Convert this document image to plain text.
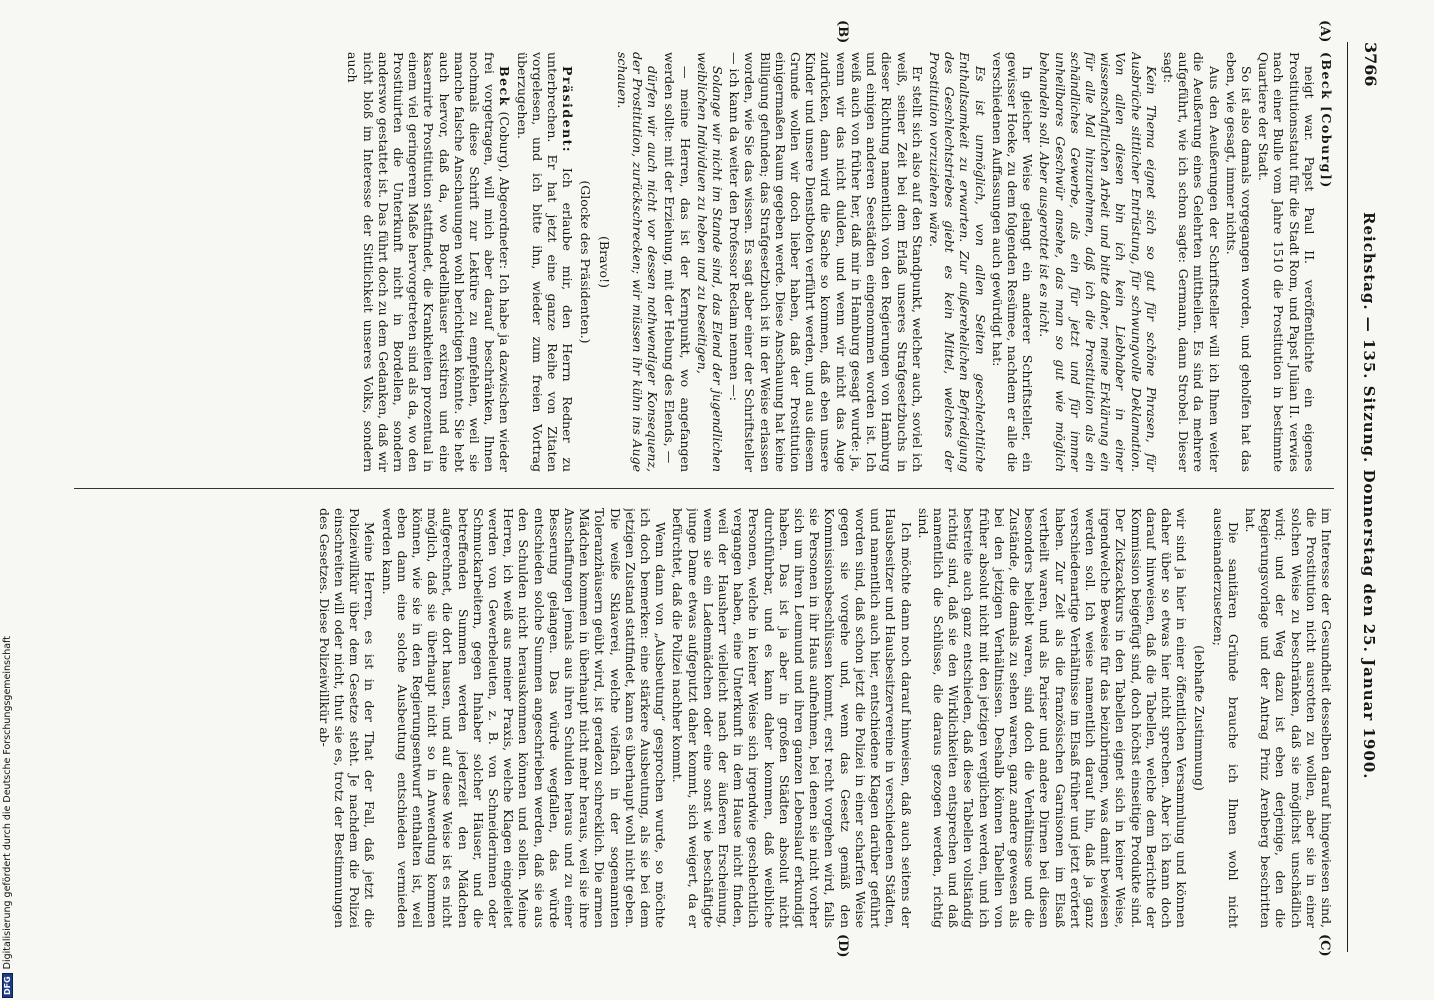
3766
Reichstag. — 135. Sitzung. Donnerstag den 25. Januar 1900.
(A)
(B)
(C)
(D)

(Beck [Coburg])

neigt war. Papst Paul II. veröffentlichte ein eigenes Prostitutionsstatut für die Stadt Rom, und Papst Julian II. verwies nach einer Bulle vom Jahre 1510 die Prostitution in bestimmte Quartiere der Stadt.

So ist also damals vorgegangen worden, und geholfen hat das eben, wie gesagt, immer nichts.

Aus den Aeußerungen der Schriftsteller will ich Ihnen weiter die Aeußerung eines Gelehrten mittheilen. Es sind da mehrere aufgeführt, wie ich schon sagte: Germann, dann Strobel. Dieser sagt:

Kein Thema eignet sich so gut für schöne Phrasen, für Ausbrüche sittlicher Entrüstung, für schwungvolle Deklamation. Von allen diesen bin ich kein Liebhaber in einer wissenschaftlichen Arbeit und bitte daher, meine Erklärung ein für alle Mal hinzunehmen, daß ich die Prostitution als ein schändliches Gewerbe, als ein für jetzt und für immer unheilbares Geschwür ansehe, das man so gut wie möglich behandeln soll. Aber ausgerottet ist es nicht.

In gleicher Weise gelangt ein anderer Schriftsteller, ein gewisser Hoeke, zu dem folgenden Resümee, nachdem er alle die verschiedenen Auffassungen auch gewürdigt hat:

Es ist unmöglich, von allen Seiten geschlechtliche Enthaltsamkeit zu erwarten. Zur außerehelichen Befriedigung des Geschlechtstriebes giebt es kein Mittel, welches der Prostitution vorzuziehen wäre.

Er stellt sich also auf den Standpunkt, welcher auch, soviel ich weiß, seiner Zeit bei dem Erlaß unseres Strafgesetzbuchs in dieser Richtung namentlich von den Regierungen von Hamburg und einigen anderen Seestädten eingenommen worden ist. Ich weiß auch von früher her, daß mir in Hamburg gesagt wurde: ja, wenn wir das nicht dulden, und wenn wir nicht das Auge zudrücken, dann wird die Sache so kommen, daß eben unsere Kinder und unsere Dienstboten verführt werden, und aus diesem Grunde wollen wir doch lieber haben, daß der Prostitution einigermaßen Raum gegeben werde. Diese Anschauung hat keine Billigung gefunden; das Strafgesetzbuch ist in der Weise erlassen worden, wie Sie das wissen. Es sagt aber einer der Schriftsteller — ich kann da weiter den Professor Reclam nennen —:

Solange wir nicht im Stande sind, das Elend der jugendlichen weiblichen Individuen zu heben und zu beseitigen,

— meine Herren, das ist der Kernpunkt, wo angefangen werden sollte: mit der Erziehung, mit der Hebung des Elends, —

dürfen wir auch nicht vor dessen nothwendiger Konsequenz, der Prostitution, zurückschrecken; wir müssen ihr kühn ins Auge schauen.

(Bravo!)

(Glocke des Präsidenten.)

Präsident: Ich erlaube mir, den Herrn Redner zu unterbrechen. Er hat jetzt eine ganze Reihe von Zitaten vorgelesen, und ich bitte ihn, wieder zum freien Vortrag überzugehen.

Beck (Coburg), Abgeordneter: Ich habe ja dazwischen wieder frei vorgetragen, will mich aber darauf beschränken, Ihnen nochmals diese Schrift zur Lektüre zu empfehlen, weil sie manche falsche Anschauungen wohl berichtigen könnte. Sie hebt auch hervor, daß da, wo Bordellhäuser existiren und eine kasernirte Prostitution stattfindet, die Krankheiten prozentual in einem viel geringerem Maße hervorgetreten sind als da, wo den Prostituirten die Unterkunft nicht in Bordellen, sondern anderswo gestattet ist. Das führt doch zu dem Gedanken, daß wir nicht bloß im Interesse der Sittlichkeit unseres Volks, sondern auch

im Interesse der Gesundheit desselben darauf hingewiesen sind, die Prostitution nicht ausrotten zu wollen, aber sie in einer solchen Weise zu beschränken, daß sie möglichst unschädlich wird; und der Weg dazu ist eben derjenige, den die Regierungsvorlage und der Antrag Prinz Arenberg beschritten hat.

Die sanitären Gründe brauche ich Ihnen wohl nicht auseinanderzusetzen;

(lebhafte Zustimmung)

wir sind ja hier in einer öffentlichen Versammlung und können daher über so etwas hier nicht sprechen. Aber ich kann doch darauf hinweisen, daß die Tabellen, welche dem Berichte der Kommission beigefügt sind, doch höchst einseitige Produkte sind. Der Zickzackkurs in den Tabellen eignet sich in keiner Weise, irgendwelche Beweise für das beizubringen, was damit bewiesen werden soll. Ich weise namentlich darauf hin, daß ja ganz verschiedenartige Verhältnisse im Elsaß früher und jetzt erörtert haben. Zur Zeit als die französischen Garnisonen im Elsaß vertheilt waren, und als Pariser und andere Dirnen bei diesen besonders beliebt waren, sind doch die Verhältnisse und die Zustände, die damals zu sehen waren, ganz andere gewesen als bei den jetzigen Verhältnissen. Deshalb können Tabellen von früher absolut nicht mit den jetzigen verglichen werden, und ich bestreite auch ganz entschieden, daß diese Tabellen vollständig richtig sind, daß sie den Wirklichkeiten entsprechen und daß namentlich die Schlüsse, die daraus gezogen werden, richtig sind.

Ich möchte dann noch darauf hinweisen, daß auch seitens der Hausbesitzer und Hausbesitzervereine in verschiedenen Städten, und namentlich auch hier, entschiedene Klagen darüber geführt worden sind, daß schon jetzt die Polizei in einer scharfen Weise gegen sie vorgehe und, wenn das Gesetz gemäß den Kommissionsbeschlüssen kommt, erst recht vorgehen wird, falls sie Personen in ihr Haus aufnehmen, bei denen sie nicht vorher sich um ihren Leumund und ihren ganzen Lebenslauf erkundigt haben. Das ist ja aber in großen Städten absolut nicht durchführbar, und es kann daher kommen, daß weibliche Personen, welche in keiner Weise sich irgendwie geschlechtlich vergangen haben, eine Unterkunft in dem Hause nicht finden, weil der Hausherr vielleicht nach der äußeren Erscheinung, wenn sie ein Ladenmädchen oder eine sonst wie beschäftigte junge Dame etwas aufgeputzt daher kommt, sich weigert, da er befürchtet, daß die Polizei nachher kommt.

Wenn dann von „Ausbeutung“ gesprochen wurde, so möchte ich doch bemerken: eine stärkere Ausbeutung, als sie bei dem jetzigen Zustand stattfindet, kann es überhaupt wohl nicht geben. Die weiße Sklaverei, welche vielfach in der sogenannten Toleranzhäusern geübt wird, ist geradezu schrecklich. Die armen Mädchen kommen in überhaupt nicht mehr heraus, weil sie ihre Anschaffungen jemals aus ihren Schulden heraus und zu einer Besserung gelangen. Das würde wegfallen, das würde entschieden solche Summen angeschrieben werden, daß sie aus den Schulden nicht herauskommen können und sollen. Meine Herren, ich weiß aus meiner Praxis, welche Klagen eingeleitet werden von Gewerbeleuten, z. B. von Schneiderinnen oder Schmuckarbeitern, gegen Inhaber solcher Häuser, und die betreffenden Summen werden jederzeit den Mädchen aufgerechnet, die dort hausen, und auf diese Weise ist es nicht möglich, daß sie überhaupt nicht so in Anwendung kommen können, wie sie in den Regierungsentwurf enthalten ist, weil eben dann eine solche Ausbeutung entschieden vermieden werden kann.

Meine Herren, es ist in der That der Fall, daß jetzt die Polizeiwillkür über dem Gesetze steht. Je nachdem die Polizei einschreiten will oder nicht, thut sie es, trotz der Bestimmungen des Gesetzes. Diese Polizeiwillkür ab-

DFGDigitalisierung gefördert durch die Deutsche Forschungsgemeinschaft
